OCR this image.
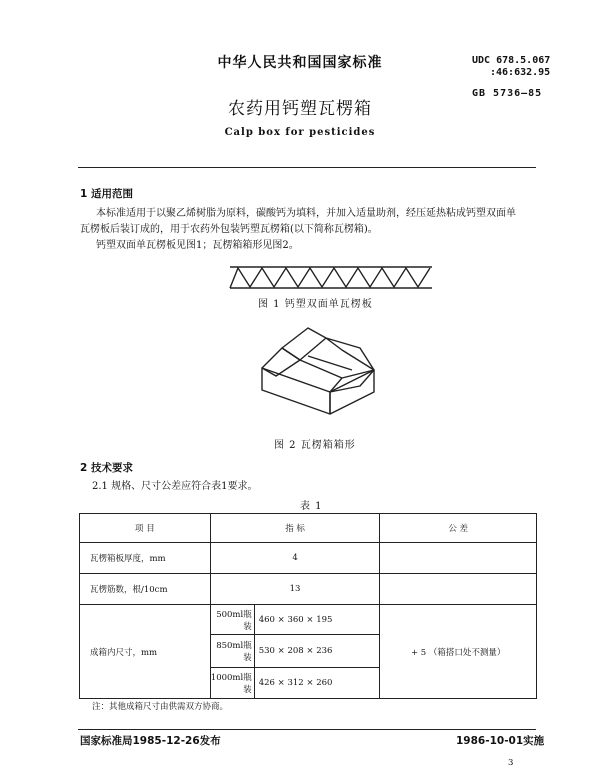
中华人民共和国国家标准	UDC 678.5.067
:46:632.95
GB 5736—85
农药用钙塑瓦楞箱
Calp box for pesticides
1 适用范围
本标准适用于以聚乙烯树脂为原料，碳酸钙为填料，并加入适量助剂，经压延热粘成钙塑双面单
瓦楞板后装订成的，用于农药外包装钙塑瓦楞箱(以下简称瓦楞箱)。
钙塑双面单瓦楞板见图1；瓦楞箱箱形见图2。
图 1 钙塑双面单瓦楞板
图 2 瓦楞箱箱形
2 技术要求
2.1 规格、尺寸公差应符合表1要求。
表 1
项 目	指 标		公 差
瓦楞箱板厚度，mm	4		
瓦楞筋数，根/10cm	13		
成箱内尺寸，mm	500ml瓶装	460 × 360 × 195	+ 5 （箱搭口处不测量）
	850ml瓶装	530 × 208 × 236	
	1000ml瓶装	426 × 312 × 260	
注：其他成箱尺寸由供需双方协商。
国家标准局1985-12-26发布	1986-10-01实施
3
